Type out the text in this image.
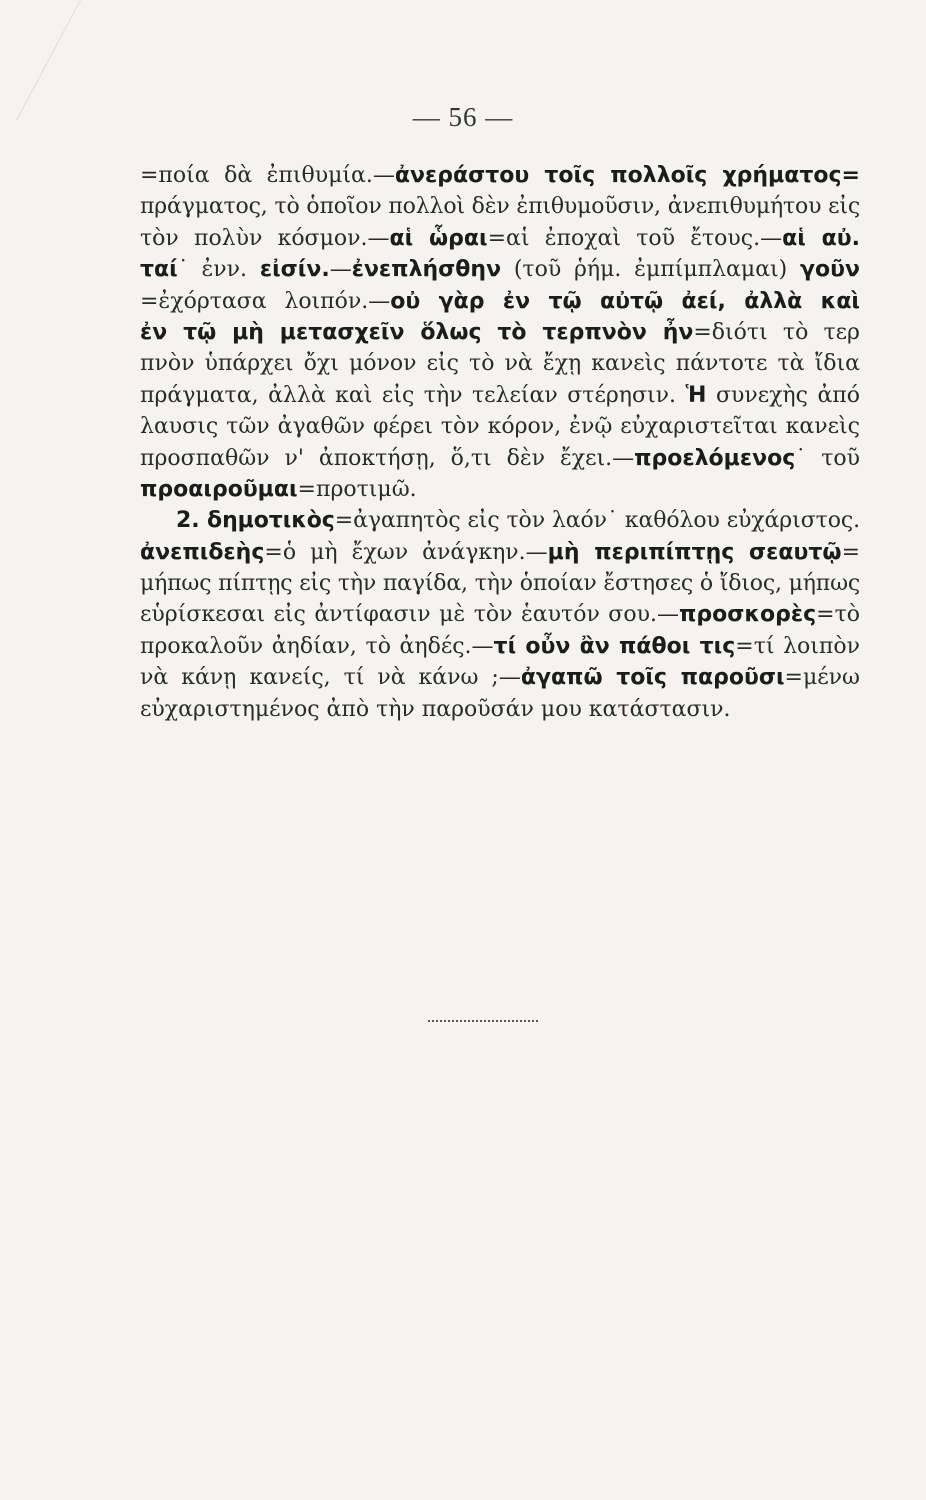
— 56 —
=ποία δὰ ἐπιθυμία.—ἀνεράστου τοῖς πολλοῖς χρήματος=
πράγματος, τὸ ὁποῖον πολλοὶ δὲν ἐπιθυμοῦσιν, ἀνεπιθυμήτου εἰς
τὸν πολὺν κόσμον.—αἱ ὧραι=αἱ ἐποχαὶ τοῦ ἔτους.—αἱ αὐ.
ταί˙ ἐνν. εἰσίν.—ἐνεπλήσθην (τοῦ ῥήμ. ἐμπίμπλαμαι) γοῦν
=ἐχόρτασα λοιπόν.—οὐ γὰρ ἐν τῷ αὐτῷ ἀεί, ἀλλὰ καὶ
ἐν τῷ μὴ μετασχεῖν ὅλως τὸ τερπνὸν ἦν=διότι τὸ τερ
πνὸν ὑπάρχει ὄχι μόνον εἰς τὸ νὰ ἔχῃ κανεὶς πάντοτε τὰ ἴδια
πράγματα, ἀλλὰ καὶ εἰς τὴν τελείαν στέρησιν. Ἡ συνεχὴς ἀπό
λαυσις τῶν ἀγαθῶν φέρει τὸν κόρον, ἐνῷ εὐχαριστεῖται κανεὶς
προσπαθῶν ν' ἀποκτήσῃ, ὅ,τι δὲν ἔχει.—προελόμενος˙ τοῦ
προαιροῦμαι=προτιμῶ.
2. δημοτικὸς=ἀγαπητὸς εἰς τὸν λαόν˙ καθόλου εὐχάριστος.
ἀνεπιδεὴς=ὁ μὴ ἔχων ἀνάγκην.—μὴ περιπίπτῃς σεαυτῷ=
μήπως πίπτῃς εἰς τὴν παγίδα, τὴν ὁποίαν ἔστησες ὁ ἴδιος, μήπως
εὑρίσκεσαι εἰς ἀντίφασιν μὲ τὸν ἑαυτόν σου.—προσκορὲς=τὸ
προκαλοῦν ἀηδίαν, τὸ ἀηδές.—τί οὖν ἂν πάθοι τις=τί λοιπὸν
νὰ κάνῃ κανείς, τί νὰ κάνω ;—ἀγαπῶ τοῖς παροῦσι=μένω
εὐχαριστημένος ἀπὸ τὴν παροῦσάν μου κατάστασιν.
